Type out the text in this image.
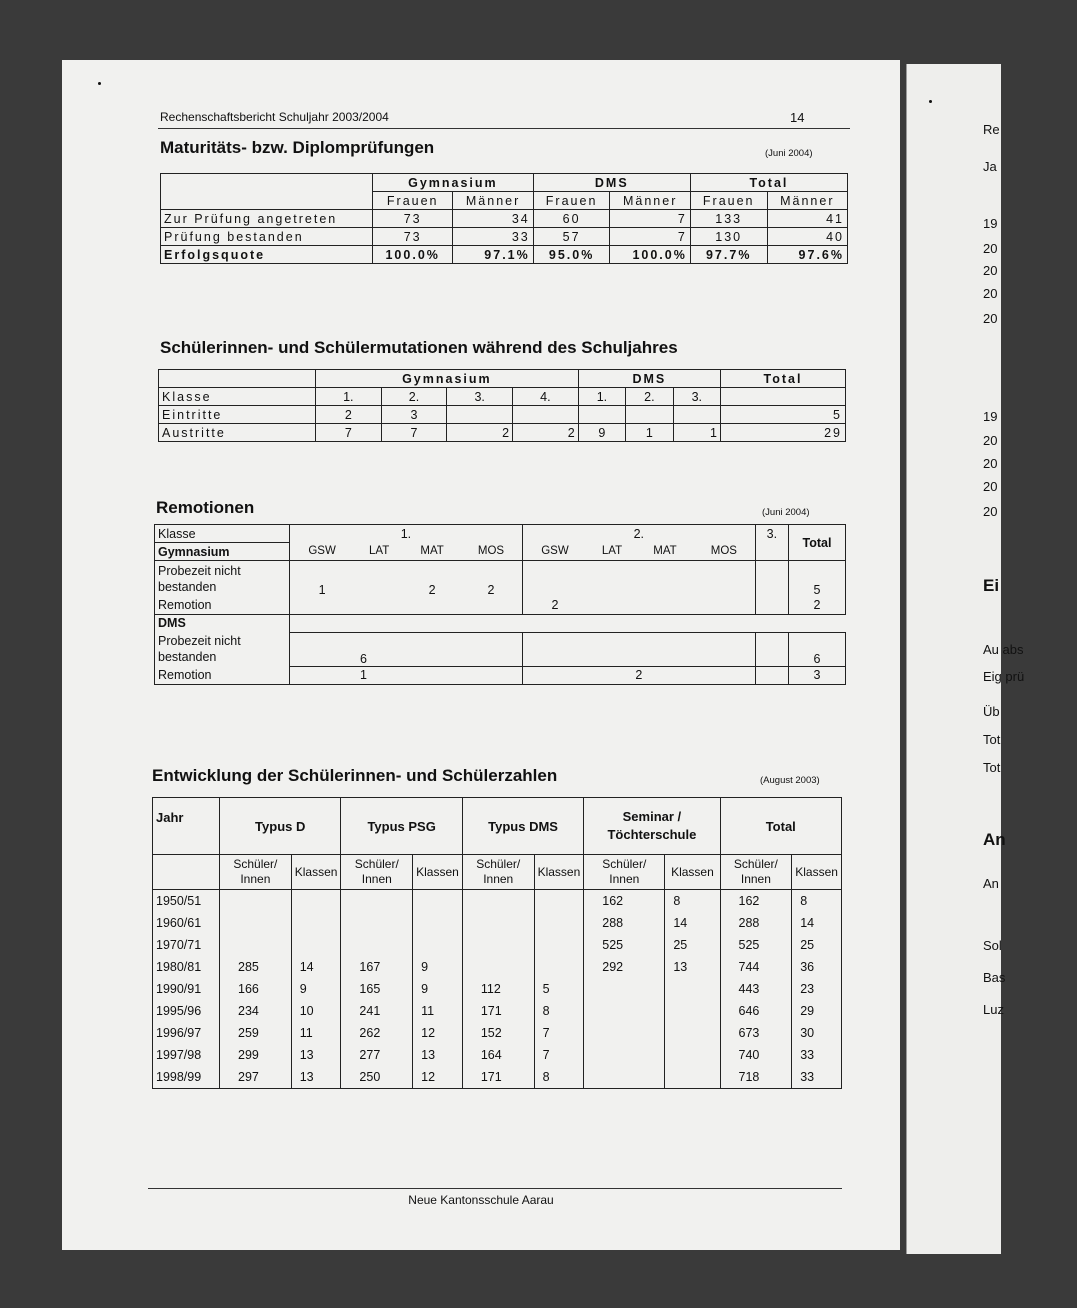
Rechenschaftsbericht Schuljahr 2003/2004	14
Maturitäts- bzw. Diplomprüfungen	(Juni 2004)
	Gymnasium		DMS		Total	
	Frauen	Männer	Frauen	Männer	Frauen	Männer
Zur Prüfung angetreten	73	34	60	7	133	41
Prüfung bestanden	73	33	57	7	130	40
Erfolgsquote	100.0%	97.1%	95.0%	100.0%	97.7%	97.6%
Schülerinnen- und Schülermutationen während des Schuljahres
	Gymnasium				DMS			Total
Klasse	1.	2.	3.	4.	1.	2.	3.	
Eintritte	2	3						5
Austritte	7	7	2	2	9	1	1	29
Remotionen	(Juni 2004)
Klasse	1.				2.				3.	Total
Gymnasium	GSW	LAT	MAT	MOS	GSW	LAT	MAT	MOS		
Probezeit nicht
bestanden	1		2	2						5
Remotion					2					2
DMS										
Probezeit nicht
bestanden	6									6
Remotion	1				2					3
Entwicklung der Schülerinnen- und Schülerzahlen	(August 2003)
Jahr	Typus D		Typus PSG		Typus DMS		Seminar / Töchterschule		Total	
	Schüler/ Innen	Klassen	Schüler/ Innen	Klassen	Schüler/ Innen	Klassen	Schüler/ Innen	Klassen	Schüler/ Innen	Klassen
1950/51							162	8	162	8
1960/61							288	14	288	14
1970/71							525	25	525	25
1980/81	285	14	167	9			292	13	744	36
1990/91	166	9	165	9	112	5			443	23
1995/96	234	10	241	11	171	8			646	29
1996/97	259	11	262	12	152	7			673	30
1997/98	299	13	277	13	164	7			740	33
1998/99	297	13	250	12	171	8			718	33
Neue Kantonsschule Aarau
Re
Ja
19
20
20
20
20
19
20
20
20
20
Ei
Au abs
Eig prü
Üb
Tot
Tot
An
An
Sol
Bas
Luz
